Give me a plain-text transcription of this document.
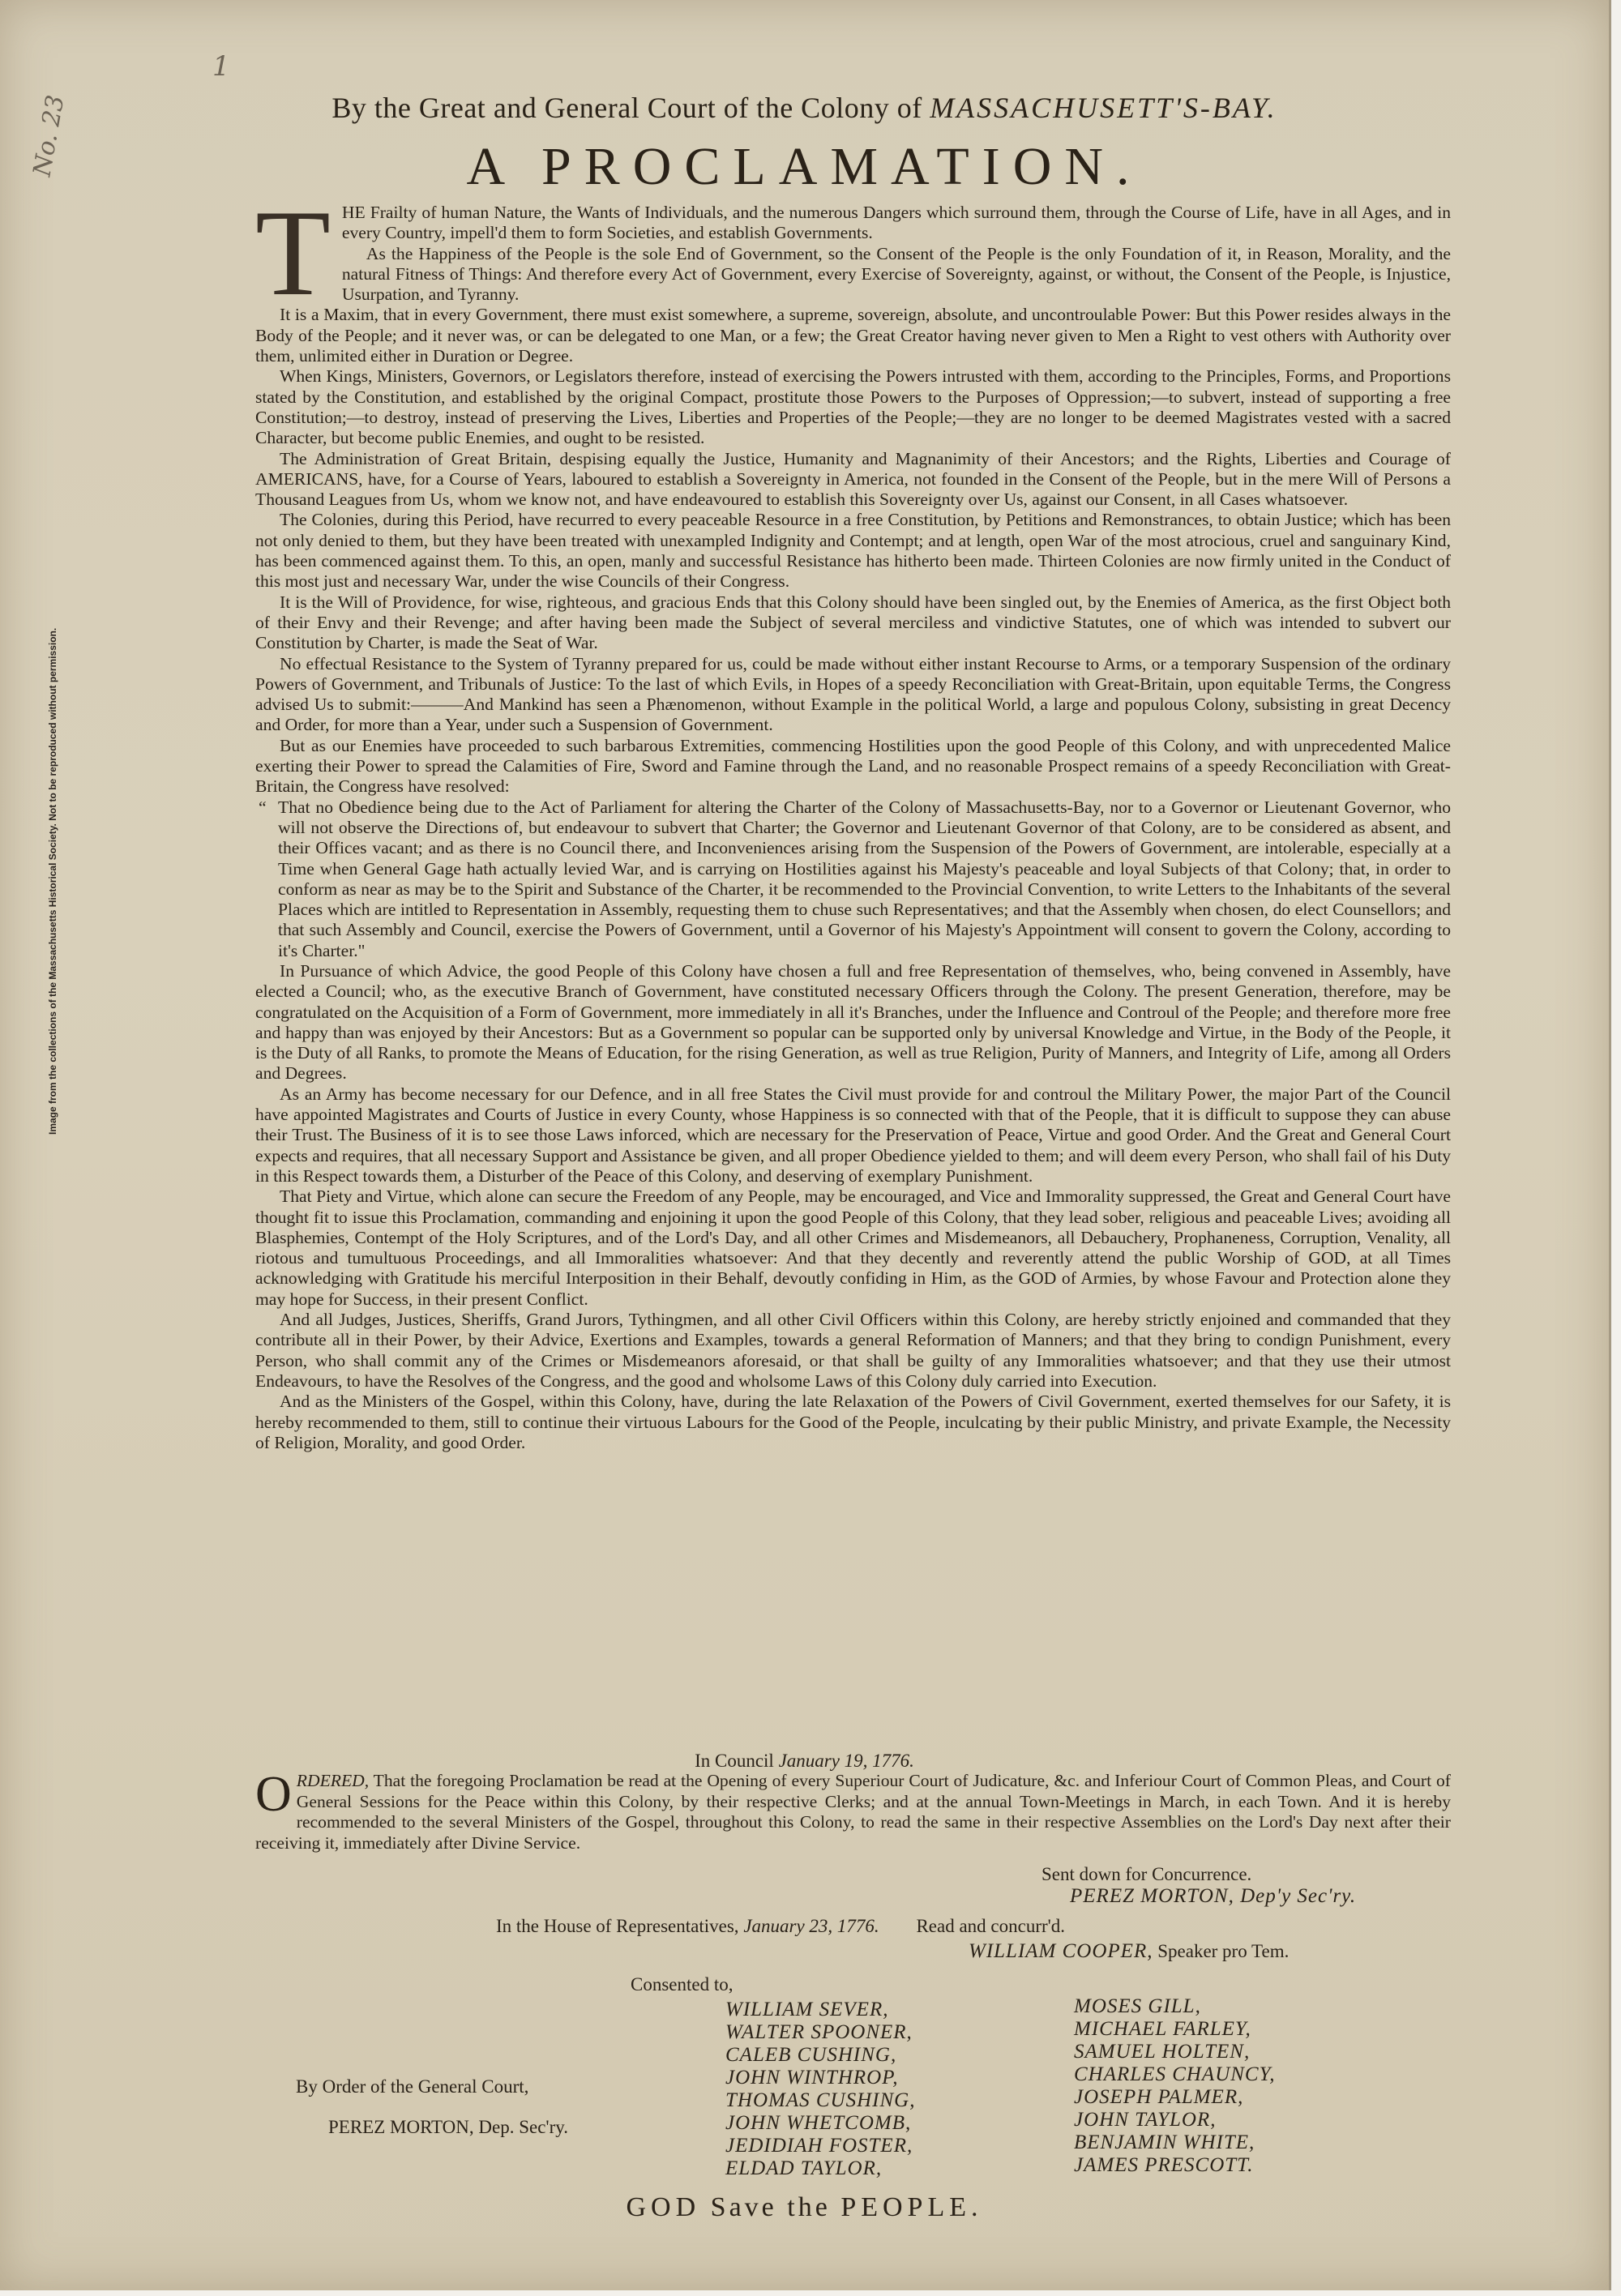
Image from the collections of the Massachusetts Historical Society. Not to be reproduced without permission.
No. 23
1
By the Great and General Court of the Colony of MASSACHUSETT'S-BAY.
A PROCLAMATION.

T HE Frailty of human Nature, the Wants of Individuals, and the numerous Dangers which surround them, through the Course of Life, have in all Ages, and in every Country, impell'd them to form Societies, and establish Governments.

As the Happiness of the People is the sole End of Government, so the Consent of the People is the only Foundation of it, in Reason, Morality, and the natural Fitness of Things: And therefore every Act of Government, every Exercise of Sovereignty, against, or without, the Consent of the People, is Injustice, Usurpation, and Tyranny.

It is a Maxim, that in every Government, there must exist somewhere, a supreme, sovereign, absolute, and uncontroulable Power: But this Power resides always in the Body of the People; and it never was, or can be delegated to one Man, or a few; the Great Creator having never given to Men a Right to vest others with Authority over them, unlimited either in Duration or Degree.

When Kings, Ministers, Governors, or Legislators therefore, instead of exercising the Powers intrusted with them, according to the Principles, Forms, and Proportions stated by the Constitution, and established by the original Compact, prostitute those Powers to the Purposes of Oppression;—to subvert, instead of supporting a free Constitution;—to destroy, instead of preserving the Lives, Liberties and Properties of the People;—they are no longer to be deemed Magistrates vested with a sacred Character, but become public Enemies, and ought to be resisted.

The Administration of Great Britain, despising equally the Justice, Humanity and Magnanimity of their Ancestors; and the Rights, Liberties and Courage of AMERICANS, have, for a Course of Years, laboured to establish a Sovereignty in America, not founded in the Consent of the People, but in the mere Will of Persons a Thousand Leagues from Us, whom we know not, and have endeavoured to establish this Sovereignty over Us, against our Consent, in all Cases whatsoever.

The Colonies, during this Period, have recurred to every peaceable Resource in a free Constitution, by Petitions and Remonstrances, to obtain Justice; which has been not only denied to them, but they have been treated with unexampled Indignity and Contempt; and at length, open War of the most atrocious, cruel and sanguinary Kind, has been commenced against them. To this, an open, manly and successful Resistance has hitherto been made. Thirteen Colonies are now firmly united in the Conduct of this most just and necessary War, under the wise Councils of their Congress.

It is the Will of Providence, for wise, righteous, and gracious Ends that this Colony should have been singled out, by the Enemies of America, as the first Object both of their Envy and their Revenge; and after having been made the Subject of several merciless and vindictive Statutes, one of which was intended to subvert our Constitution by Charter, is made the Seat of War.

No effectual Resistance to the System of Tyranny prepared for us, could be made without either instant Recourse to Arms, or a temporary Suspension of the ordinary Powers of Government, and Tribunals of Justice: To the last of which Evils, in Hopes of a speedy Reconciliation with Great-Britain, upon equitable Terms, the Congress advised Us to submit:———And Mankind has seen a Phænomenon, without Example in the political World, a large and populous Colony, subsisting in great Decency and Order, for more than a Year, under such a Suspension of Government.

But as our Enemies have proceeded to such barbarous Extremities, commencing Hostilities upon the good People of this Colony, and with unprecedented Malice exerting their Power to spread the Calamities of Fire, Sword and Famine through the Land, and no reasonable Prospect remains of a speedy Reconciliation with Great-Britain, the Congress have resolved:

“ That no Obedience being due to the Act of Parliament for altering the Charter of the Colony of Massachusetts-Bay, nor to a Governor or Lieutenant Governor, who will not observe the Directions of, but endeavour to subvert that Charter; the Governor and Lieutenant Governor of that Colony, are to be considered as absent, and their Offices vacant; and as there is no Council there, and Inconveniences arising from the Suspension of the Powers of Government, are intolerable, especially at a Time when General Gage hath actually levied War, and is carrying on Hostilities against his Majesty's peaceable and loyal Subjects of that Colony; that, in order to conform as near as may be to the Spirit and Substance of the Charter, it be recommended to the Provincial Convention, to write Letters to the Inhabitants of the several Places which are intitled to Representation in Assembly, requesting them to chuse such Representatives; and that the Assembly when chosen, do elect Counsellors; and that such Assembly and Council, exercise the Powers of Government, until a Governor of his Majesty's Appointment will consent to govern the Colony, according to it's Charter."

In Pursuance of which Advice, the good People of this Colony have chosen a full and free Representation of themselves, who, being convened in Assembly, have elected a Council; who, as the executive Branch of Government, have constituted necessary Officers through the Colony. The present Generation, therefore, may be congratulated on the Acquisition of a Form of Government, more immediately in all it's Branches, under the Influence and Controul of the People; and therefore more free and happy than was enjoyed by their Ancestors: But as a Government so popular can be supported only by universal Knowledge and Virtue, in the Body of the People, it is the Duty of all Ranks, to promote the Means of Education, for the rising Generation, as well as true Religion, Purity of Manners, and Integrity of Life, among all Orders and Degrees.

As an Army has become necessary for our Defence, and in all free States the Civil must provide for and controul the Military Power, the major Part of the Council have appointed Magistrates and Courts of Justice in every County, whose Happiness is so connected with that of the People, that it is difficult to suppose they can abuse their Trust. The Business of it is to see those Laws inforced, which are necessary for the Preservation of Peace, Virtue and good Order. And the Great and General Court expects and requires, that all necessary Support and Assistance be given, and all proper Obedience yielded to them; and will deem every Person, who shall fail of his Duty in this Respect towards them, a Disturber of the Peace of this Colony, and deserving of exemplary Punishment.

That Piety and Virtue, which alone can secure the Freedom of any People, may be encouraged, and Vice and Immorality suppressed, the Great and General Court have thought fit to issue this Proclamation, commanding and enjoining it upon the good People of this Colony, that they lead sober, religious and peaceable Lives; avoiding all Blasphemies, Contempt of the Holy Scriptures, and of the Lord's Day, and all other Crimes and Misdemeanors, all Debauchery, Prophaneness, Corruption, Venality, all riotous and tumultuous Proceedings, and all Immoralities whatsoever: And that they decently and reverently attend the public Worship of GOD, at all Times acknowledging with Gratitude his merciful Interposition in their Behalf, devoutly confiding in Him, as the GOD of Armies, by whose Favour and Protection alone they may hope for Success, in their present Conflict.

And all Judges, Justices, Sheriffs, Grand Jurors, Tythingmen, and all other Civil Officers within this Colony, are hereby strictly enjoined and commanded that they contribute all in their Power, by their Advice, Exertions and Examples, towards a general Reformation of Manners; and that they bring to condign Punishment, every Person, who shall commit any of the Crimes or Misdemeanors aforesaid, or that shall be guilty of any Immoralities whatsoever; and that they use their utmost Endeavours, to have the Resolves of the Congress, and the good and wholsome Laws of this Colony duly carried into Execution.

And as the Ministers of the Gospel, within this Colony, have, during the late Relaxation of the Powers of Civil Government, exerted themselves for our Safety, it is hereby recommended to them, still to continue their virtuous Labours for the Good of the People, inculcating by their public Ministry, and private Example, the Necessity of Religion, Morality, and good Order.

In Council January 19, 1776.
ORDERED, That the foregoing Proclamation be read at the Opening of every Superiour Court of Judicature, &c. and Inferiour Court of Common Pleas, and Court of General Sessions for the Peace within this Colony, by their respective Clerks; and at the annual Town-Meetings in March, in each Town. And it is hereby recommended to the several Ministers of the Gospel, throughout this Colony, to read the same in their respective Assemblies on the Lord's Day next after their receiving it, immediately after Divine Service.
Sent down for Concurrence.
PEREZ MORTON, Dep'y Sec'ry.
In the House of Representatives, January 23, 1776. Read and concurr'd.
WILLIAM COOPER, Speaker pro Tem.
Consented to,
WILLIAM SEVER,
WALTER SPOONER,
CALEB CUSHING,
JOHN WINTHROP,
THOMAS CUSHING,
JOHN WHETCOMB,
JEDIDIAH FOSTER,
ELDAD TAYLOR,
MOSES GILL,
MICHAEL FARLEY,
SAMUEL HOLTEN,
CHARLES CHAUNCY,
JOSEPH PALMER,
JOHN TAYLOR,
BENJAMIN WHITE,
JAMES PRESCOTT.
By Order of the General Court,
PEREZ MORTON, Dep. Sec'ry.
GOD Save the PEOPLE.
